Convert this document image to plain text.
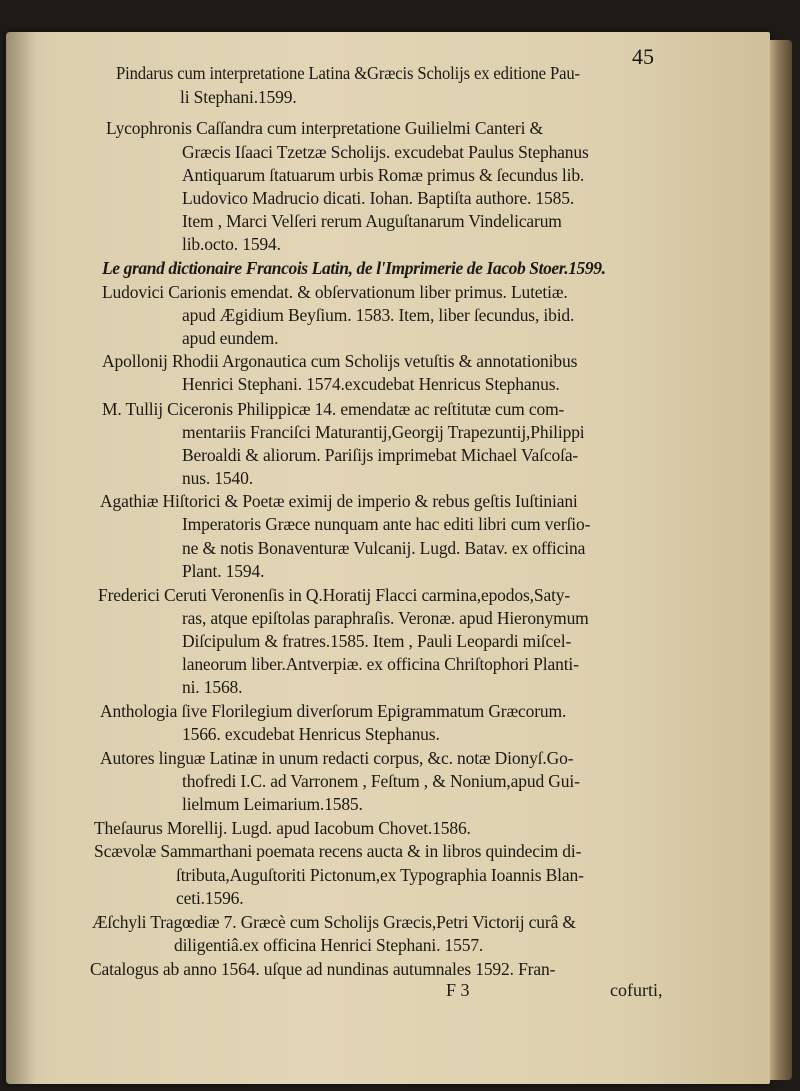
45
Pindarus cum interpretatione Latina &Græcis Scholijs ex editione Pau-
li Stephani.1599.
Lycophronis Caſſandra cum interpretatione Guilielmi Canteri &
Græcis Iſaaci Tzetzæ Scholijs. excudebat Paulus Stephanus
Antiquarum ſtatuarum urbis Romæ primus & ſecundus lib.
Ludovico Madrucio dicati. Iohan. Baptiſta authore. 1585.
Item , Marci Velſeri rerum Auguſtanarum Vindelicarum
lib.octo. 1594.
Le grand dictionaire Francois Latin, de l'Imprimerie de Iacob Stoer.1599.
Ludovici Carionis emendat. & obſervationum liber primus. Lutetiæ.
apud Ægidium Beyſium. 1583. Item, liber ſecundus, ibid.
apud eundem.
Apollonij Rhodii Argonautica cum Scholijs vetuſtis & annotationibus
Henrici Stephani. 1574.excudebat Henricus Stephanus.
M. Tullij Ciceronis Philippicæ 14. emendatæ ac reſtitutæ cum com-
mentariis Franciſci Maturantij,Georgij Trapezuntij,Philippi
Beroaldi & aliorum. Pariſijs imprimebat Michael Vaſcoſa-
nus. 1540.
Agathiæ Hiſtorici & Poetæ eximij de imperio & rebus geſtis Iuſtiniani
Imperatoris Græce nunquam ante hac editi libri cum verſio-
ne & notis Bonaventuræ Vulcanij. Lugd. Batav. ex officina
Plant. 1594.
Frederici Ceruti Veronenſis in Q.Horatij Flacci carmina,epodos,Saty-
ras, atque epiſtolas paraphraſis. Veronæ. apud Hieronymum
Diſcipulum & fratres.1585. Item , Pauli Leopardi miſcel-
laneorum liber.Antverpiæ. ex officina Chriſtophori Planti-
ni. 1568.
Anthologia ſive Florilegium diverſorum Epigrammatum Græcorum.
1566. excudebat Henricus Stephanus.
Autores linguæ Latinæ in unum redacti corpus, &c. notæ Dionyſ.Go-
thofredi I.C. ad Varronem , Feſtum , & Nonium,apud Gui-
lielmum Leimarium.1585.
Theſaurus Morellij. Lugd. apud Iacobum Chovet.1586.
Scævolæ Sammarthani poemata recens aucta & in libros quindecim di-
ſtributa,Auguſtoriti Pictonum,ex Typographia Ioannis Blan-
ceti.1596.
Æſchyli Tragœdiæ 7. Græcè cum Scholijs Græcis,Petri Victorij curâ &
diligentiâ.ex officina Henrici Stephani. 1557.
Catalogus ab anno 1564. uſque ad nundinas autumnales 1592. Fran-
F 3	cofurti,
